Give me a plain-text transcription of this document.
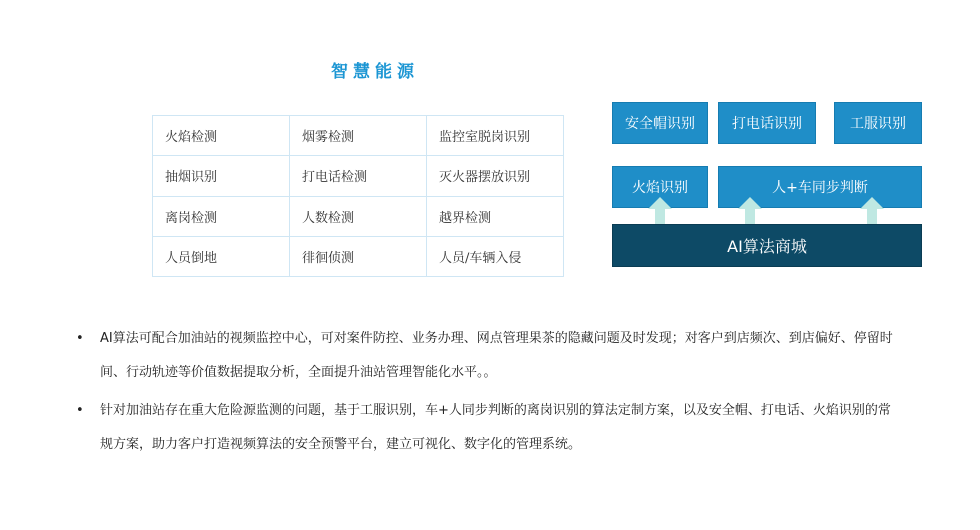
智慧能源
火焰检测	烟雾检测	监控室脱岗识别
抽烟识别	打电话检测	灭火器摆放识别
离岗检测	人数检测	越界检测
人员倒地	徘徊侦测	人员/车辆入侵
安全帽识别	打电话识别	工服识别
火焰识别	人+车同步判断
AI算法商城
• AI算法可配合加油站的视频监控中心，可对案件防控、业务办理、网点管理果茶的隐藏问题及时发现；对客户到店频次、到店偏好、停留时间、行动轨迹等价值数据提取分析，全面提升油站管理智能化水平。。
• 针对加油站存在重大危险源监测的问题，基于工服识别，车+人同步判断的离岗识别的算法定制方案，以及安全帽、打电话、火焰识别的常规方案，助力客户打造视频算法的安全预警平台，建立可视化、数字化的管理系统。
